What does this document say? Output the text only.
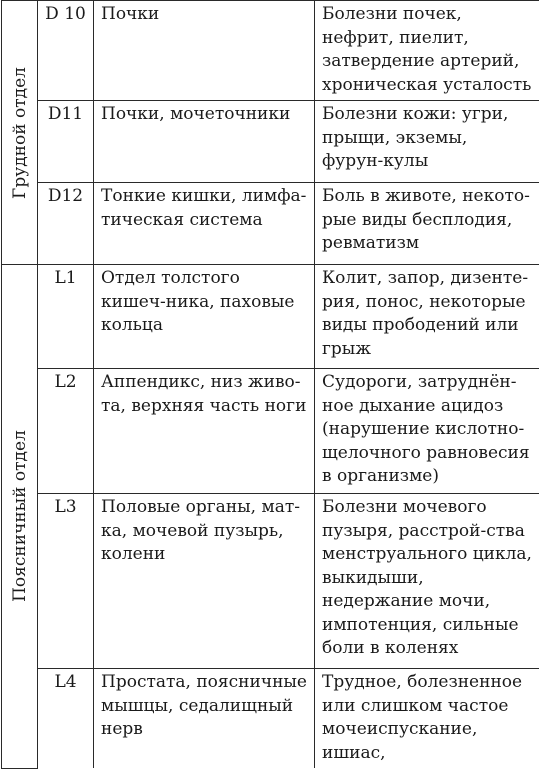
Грудной отдел	D 10	Почки	Болезни почек, нефрит, пиелит, затвердение артерий, хроническая усталость
	D11	Почки, мочеточники	Болезни кожи: угри, прыщи, экземы, фурун-кулы
	D12	Тонкие кишки, лимфа-тическая система	Боль в животе, некото-рые виды бесплодия, ревматизм

Поясничный отдел	L1	Отдел толстого кишеч-ника, паховые кольца	Колит, запор, дизенте-рия, понос, некоторые виды прободений или грыж
	L2	Аппендикс, низ живо-та, верхняя часть ноги	Судороги, затруднён-ное дыхание ацидоз (нарушение кислотно-щелочного равновесия в организме)
	L3	Половые органы, мат-ка, мочевой пузырь, колени	Болезни мочевого пузыря, расстрой-ства менструального цикла, выкидыши, недержание мочи, импотенция, сильные боли в коленях
	L4	Простата, поясничные мышцы, седалищный нерв	Трудное, болезненное или слишком частое мочеиспускание, ишиас,
